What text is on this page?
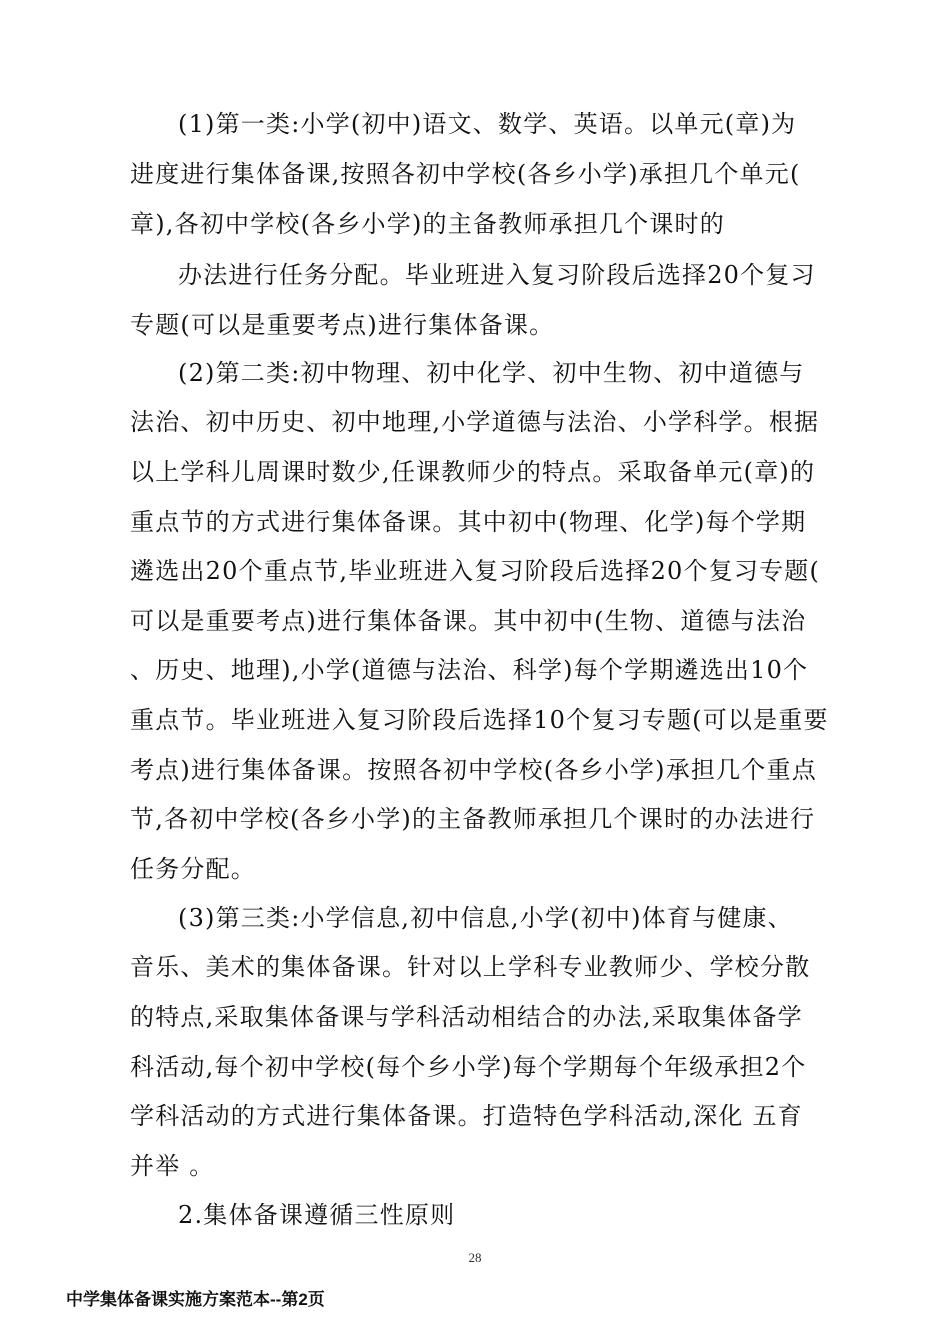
(1)第一类:小学(初中)语文、数学、英语。以单元(章)为
进度进行集体备课,按照各初中学校(各乡小学)承担几个单元(
章),各初中学校(各乡小学)的主备教师承担几个课时的
办法进行任务分配。毕业班进入复习阶段后选择20个复习
专题(可以是重要考点)进行集体备课。
(2)第二类:初中物理、初中化学、初中生物、初中道德与
法治、初中历史、初中地理,小学道德与法治、小学科学。根据
以上学科儿周课时数少,任课教师少的特点。采取备单元(章)的
重点节的方式进行集体备课。其中初中(物理、化学)每个学期
遴选出20个重点节,毕业班进入复习阶段后选择20个复习专题(
可以是重要考点)进行集体备课。其中初中(生物、道德与法治
、历史、地理),小学(道德与法治、科学)每个学期遴选出10个
重点节。毕业班进入复习阶段后选择10个复习专题(可以是重要
考点)进行集体备课。按照各初中学校(各乡小学)承担几个重点
节,各初中学校(各乡小学)的主备教师承担几个课时的办法进行
任务分配。
(3)第三类:小学信息,初中信息,小学(初中)体育与健康、
音乐、美术的集体备课。针对以上学科专业教师少、学校分散
的特点,采取集体备课与学科活动相结合的办法,采取集体备学
科活动,每个初中学校(每个乡小学)每个学期每个年级承担2个
学科活动的方式进行集体备课。打造特色学科活动,深化 五育
并举 。
2.集体备课遵循三性原则
28
中学集体备课实施方案范本--第2页
